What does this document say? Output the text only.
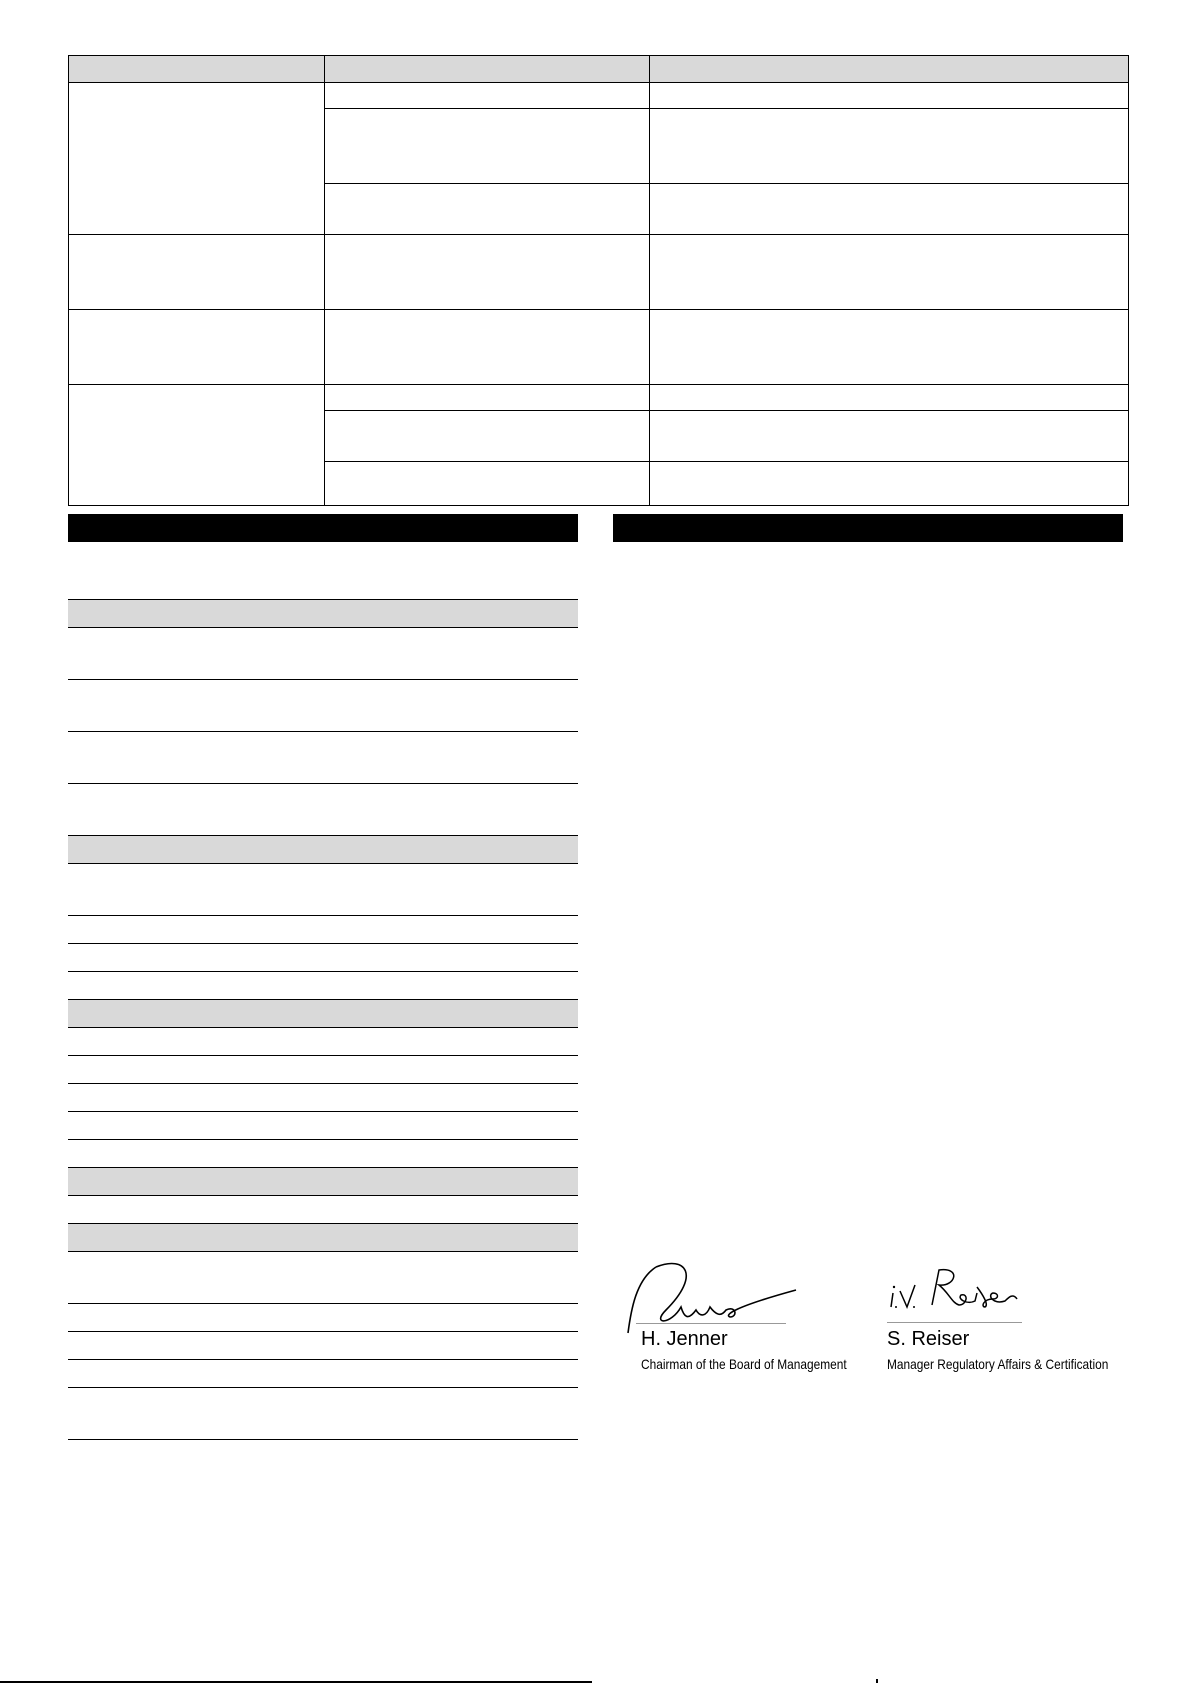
H. Jenner
Chairman of the Board of Management
S. Reiser
Manager Regulatory Affairs & Certification
